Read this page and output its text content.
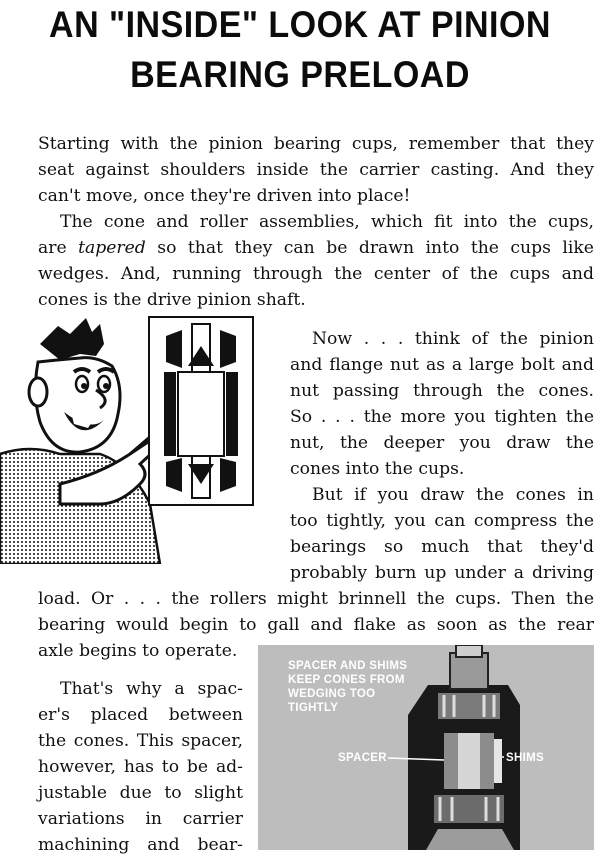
AN "INSIDE" LOOK AT PINION
BEARING PRELOAD
Starting with the pinion bearing cups, remember that they
seat against shoulders inside the carrier casting. And they
can't move, once they're driven into place!
The cone and roller assemblies, which fit into the cups,
are tapered so that they can be drawn into the cups like
wedges. And, running through the center of the cups and
cones is the drive pinion shaft.
Now . . . think of the pinion
and flange nut as a large bolt and
nut passing through the cones.
So . . . the more you tighten the
nut, the deeper you draw the
cones into the cups.
But if you draw the cones in
too tightly, you can compress the
bearings so much that they'd
probably burn up under a driving
load. Or . . . the rollers might brinnell the cups. Then the
bearing would begin to gall and flake as soon as the rear
axle begins to operate.
That's why a spac-
er's placed between
the cones. This spacer,
however, has to be ad-
justable due to slight
variations in carrier
machining and bear-
SPACER AND SHIMS
KEEP CONES FROM
WEDGING TOO
TIGHTLY
SPACER	SHIMS
